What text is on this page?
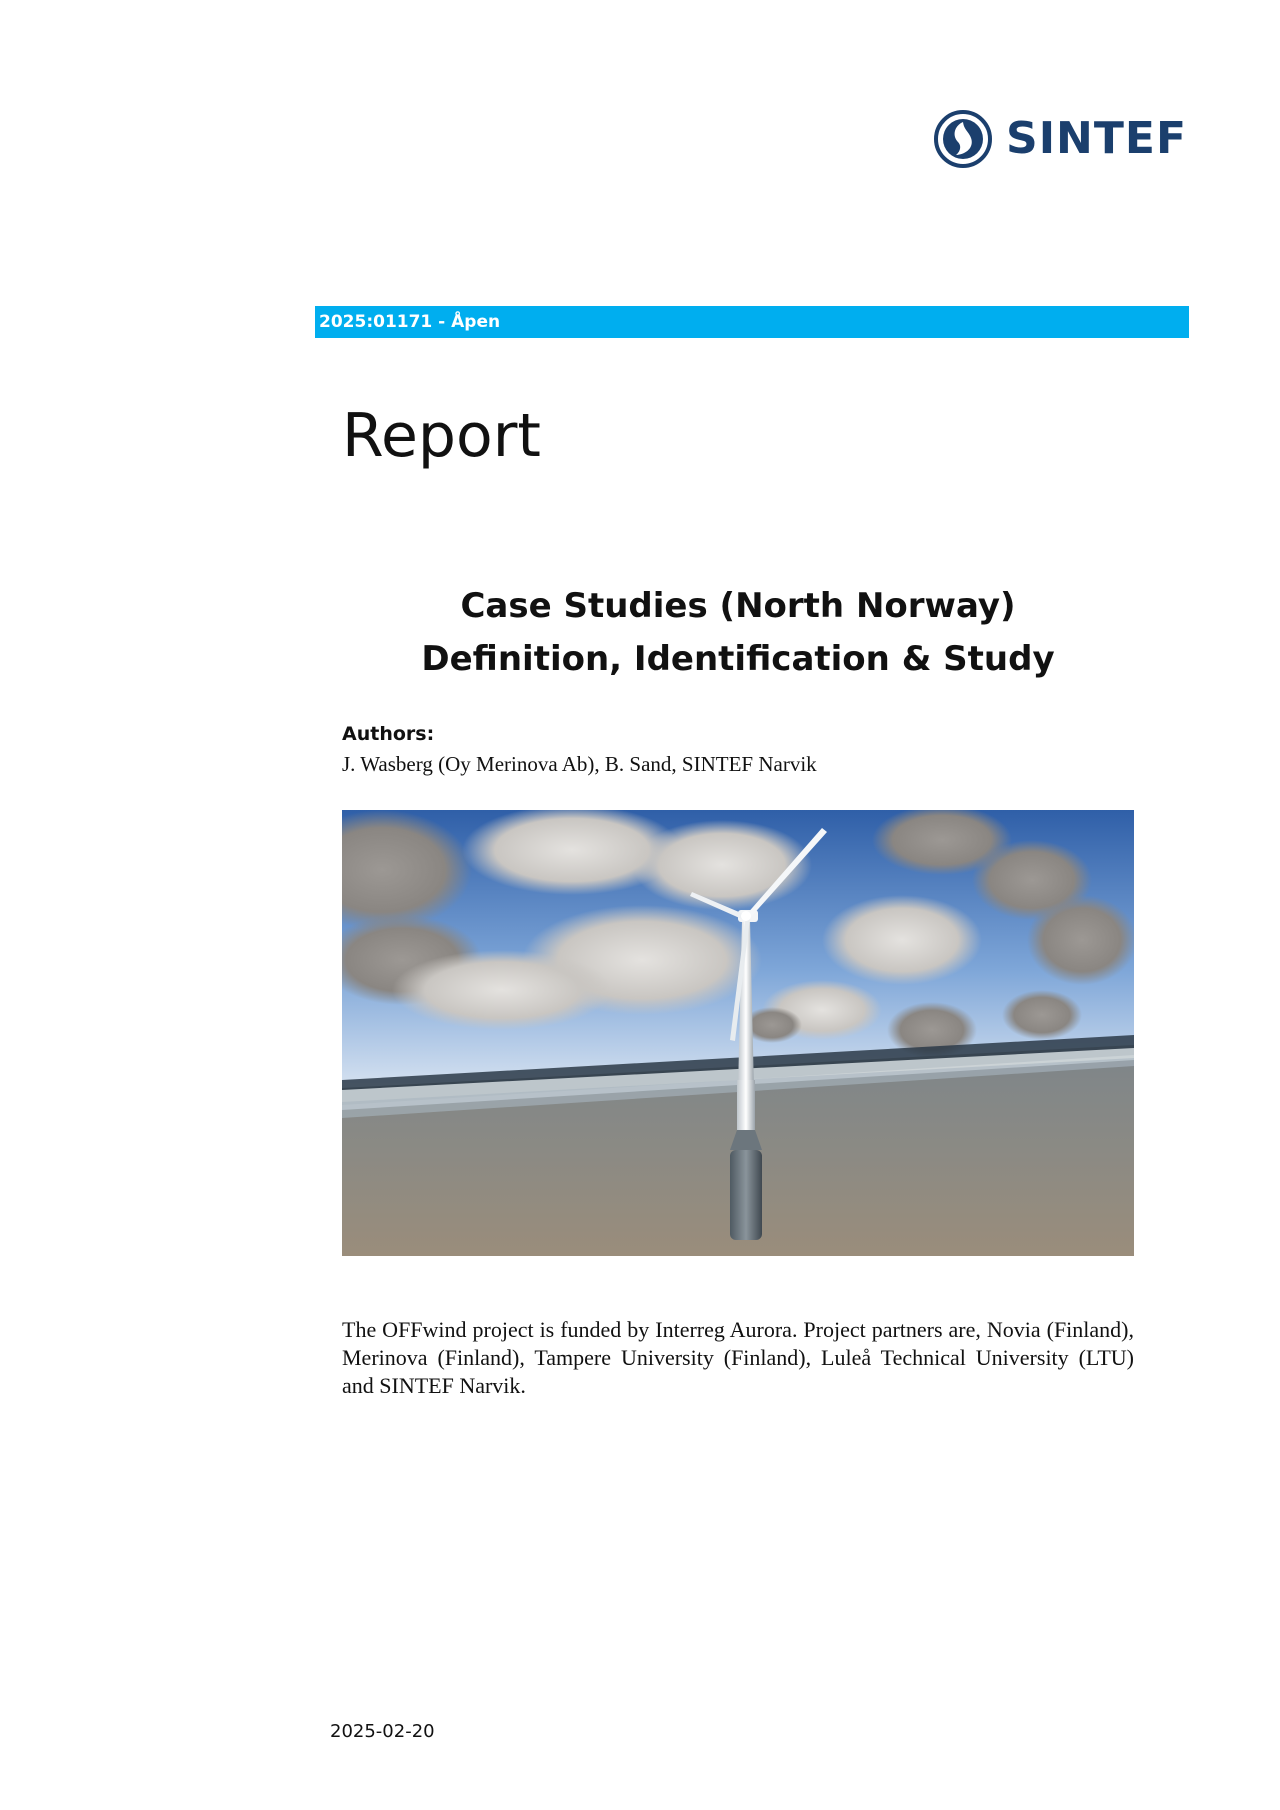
SINTEF
2025:01171 - Åpen
Report
Case Studies (North Norway)
Definition, Identification & Study
Authors:
J. Wasberg (Oy Merinova Ab), B. Sand, SINTEF Narvik
The OFFwind project is funded by Interreg Aurora. Project partners are, Novia (Finland), Merinova (Finland), Tampere University (Finland), Luleå Technical University (LTU) and SINTEF Narvik.
2025-02-20
